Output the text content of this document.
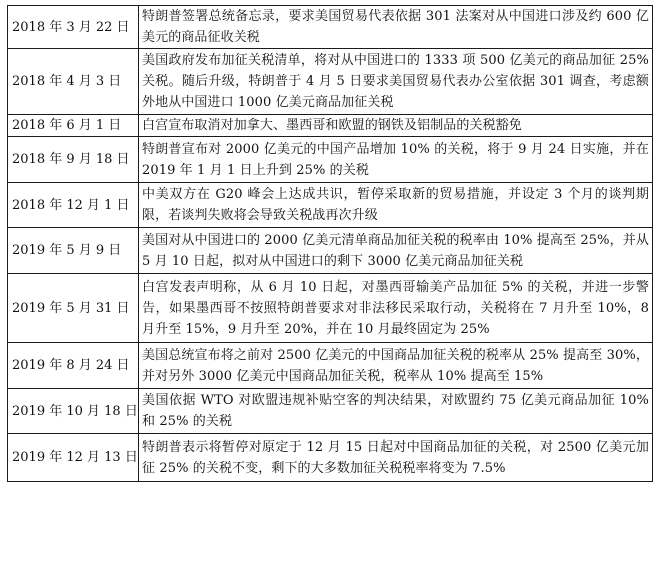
2018 年 3 月 22 日	特朗普签署总统备忘录，要求美国贸易代表依据 301 法案对从中国进口涉及约 600 亿美元的商品征收关税
2018 年 4 月 3 日	美国政府发布加征关税清单，将对从中国进口的 1333 项 500 亿美元的商品加征 25% 关税。随后升级，特朗普于 4 月 5 日要求美国贸易代表办公室依据 301 调查，考虑额外地从中国进口 1000 亿美元商品加征关税
2018 年 6 月 1 日	白宫宣布取消对加拿大、墨西哥和欧盟的钢铁及铝制品的关税豁免
2018 年 9 月 18 日	特朗普宣布对 2000 亿美元的中国产品增加 10% 的关税，将于 9 月 24 日实施，并在 2019 年 1 月 1 日上升到 25% 的关税
2018 年 12 月 1 日	中美双方在 G20 峰会上达成共识，暂停采取新的贸易措施，并设定 3 个月的谈判期限，若谈判失败将会导致关税战再次升级
2019 年 5 月 9 日	美国对从中国进口的 2000 亿美元清单商品加征关税的税率由 10% 提高至 25%，并从 5 月 10 日起，拟对从中国进口的剩下 3000 亿美元商品加征关税
2019 年 5 月 31 日	白宫发表声明称，从 6 月 10 日起，对墨西哥输美产品加征 5% 的关税，并进一步警告，如果墨西哥不按照特朗普要求对非法移民采取行动，关税将在 7 月升至 10%，8 月升至 15%，9 月升至 20%，并在 10 月最终固定为 25%
2019 年 8 月 24 日	美国总统宣布将之前对 2500 亿美元的中国商品加征关税的税率从 25% 提高至 30%，并对另外 3000 亿美元中国商品加征关税，税率从 10% 提高至 15%
2019 年 10 月 18 日	美国依据 WTO 对欧盟违规补贴空客的判决结果，对欧盟约 75 亿美元商品加征 10% 和 25% 的关税
2019 年 12 月 13 日	特朗普表示将暂停对原定于 12 月 15 日起对中国商品加征的关税，对 2500 亿美元加征 25% 的关税不变，剩下的大多数加征关税税率将变为 7.5%
